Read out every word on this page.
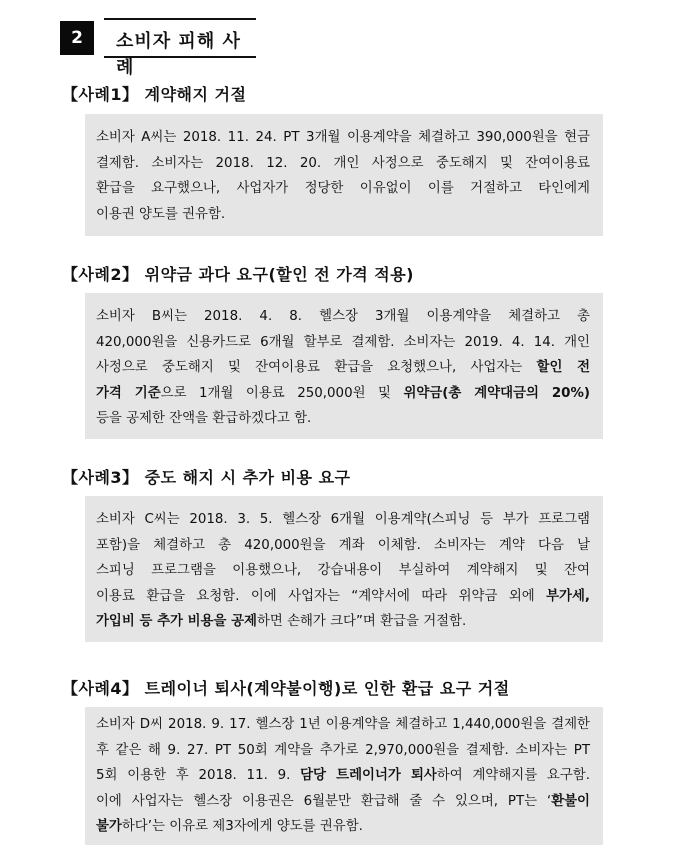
2	소비자 피해 사례
【사례1】 계약해지 거절
소비자 A씨는 2018. 11. 24. PT 3개월 이용계약을 체결하고 390,000원을 현금
결제함. 소비자는 2018. 12. 20. 개인 사정으로 중도해지 및 잔여이용료
환급을 요구했으나, 사업자가 정당한 이유없이 이를 거절하고 타인에게
이용권 양도를 권유함.
【사례2】 위약금 과다 요구(할인 전 가격 적용)
소비자 B씨는 2018. 4. 8. 헬스장 3개월 이용계약을 체결하고 총
420,000원을 신용카드로 6개월 할부로 결제함. 소비자는 2019. 4. 14. 개인
사정으로 중도해지 및 잔여이용료 환급을 요청했으나, 사업자는 할인 전
가격 기준으로 1개월 이용료 250,000원 및 위약금(총 계약대금의 20%)
등을 공제한 잔액을 환급하겠다고 함.
【사례3】 중도 해지 시 추가 비용 요구
소비자 C씨는 2018. 3. 5. 헬스장 6개월 이용계약(스피닝 등 부가 프로그램
포함)을 체결하고 총 420,000원을 계좌 이체함. 소비자는 계약 다음 날
스피닝 프로그램을 이용했으나, 강습내용이 부실하여 계약해지 및 잔여
이용료 환급을 요청함. 이에 사업자는 “계약서에 따라 위약금 외에 부가세,
가입비 등 추가 비용을 공제하면 손해가 크다”며 환급을 거절함.
【사례4】 트레이너 퇴사(계약불이행)로 인한 환급 요구 거절
소비자 D씨 2018. 9. 17. 헬스장 1년 이용계약을 체결하고 1,440,000원을 결제한
후 같은 해 9. 27. PT 50회 계약을 추가로 2,970,000원을 결제함. 소비자는 PT
5회 이용한 후 2018. 11. 9. 담당 트레이너가 퇴사하여 계약해지를 요구함.
이에 사업자는 헬스장 이용권은 6월분만 환급해 줄 수 있으며, PT는 ‘환불이
불가하다’는 이유로 제3자에게 양도를 권유함.
